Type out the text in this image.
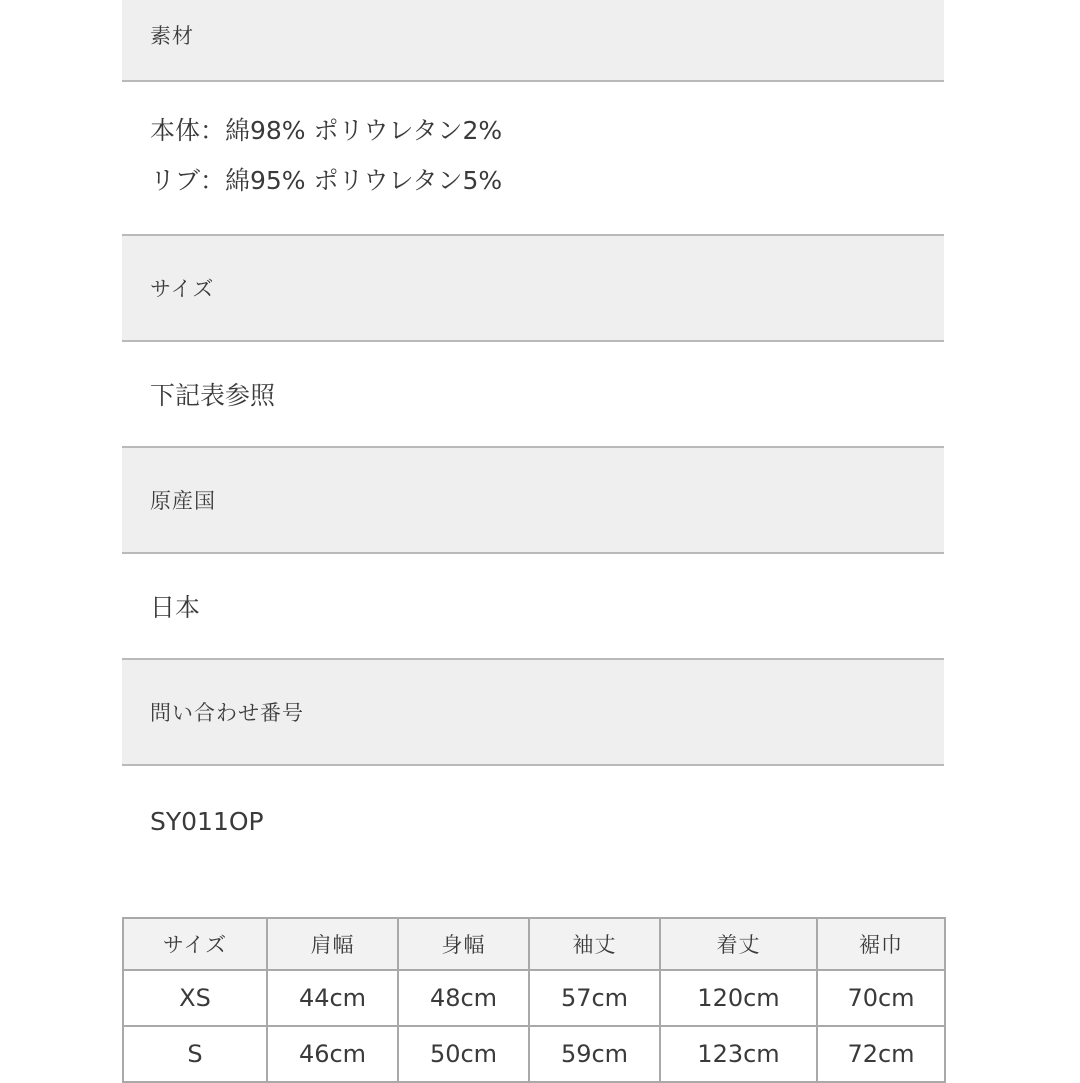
素材
本体：綿98% ポリウレタン2%
リブ：綿95% ポリウレタン5%
サイズ
下記表参照
原産国
日本
問い合わせ番号
SY011OP
サイズ	肩幅	身幅	袖丈	着丈	裾巾
XS	44cm	48cm	57cm	120cm	70cm
S	46cm	50cm	59cm	123cm	72cm
